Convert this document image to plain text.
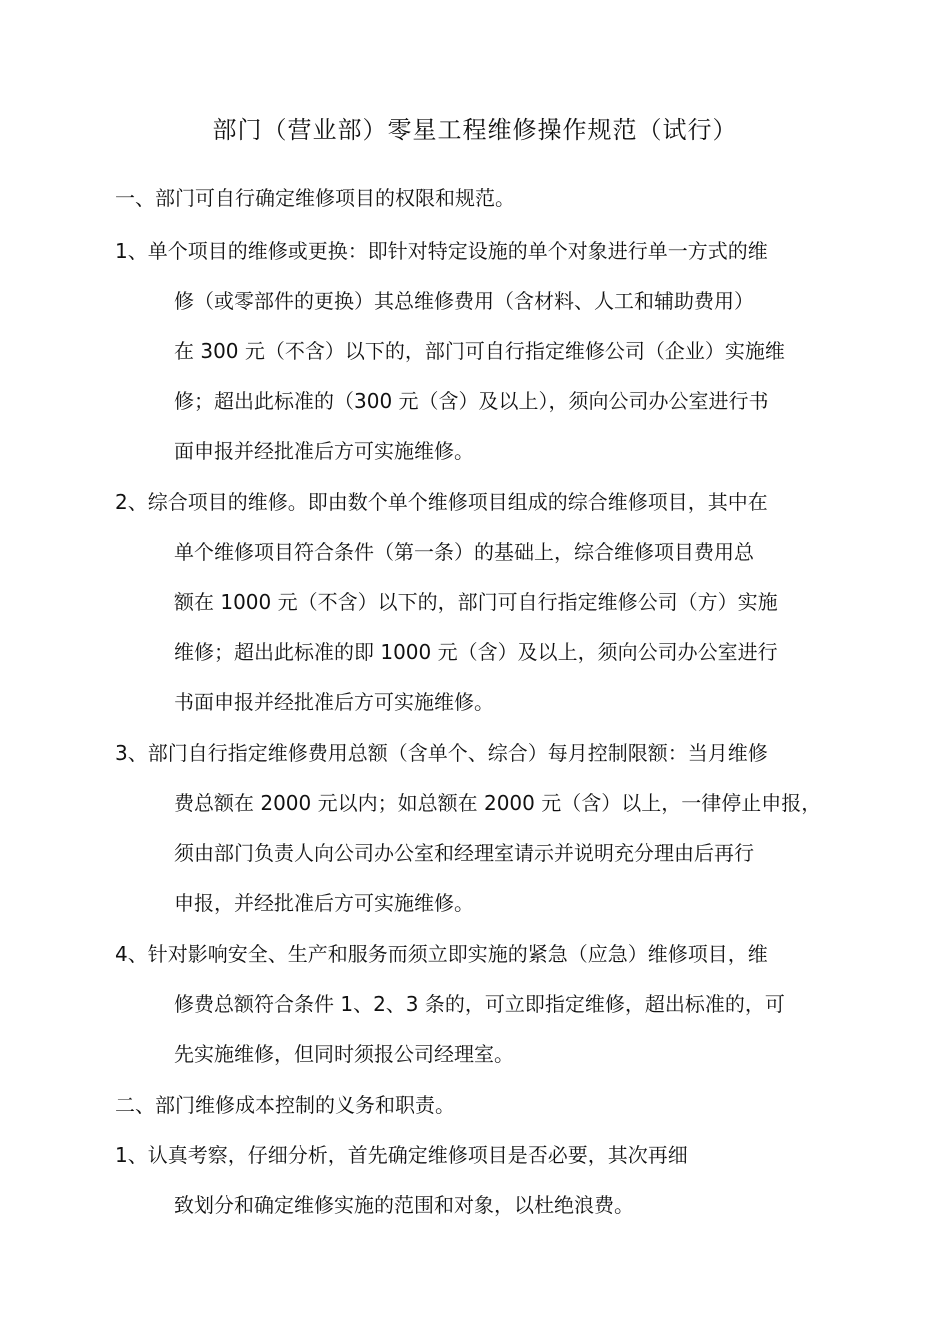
部门（营业部）零星工程维修操作规范（试行）
一、部门可自行确定维修项目的权限和规范。
1、单个项目的维修或更换：即针对特定设施的单个对象进行单一方式的维
修（或零部件的更换）其总维修费用（含材料、人工和辅助费用）
在 300 元（不含）以下的，部门可自行指定维修公司（企业）实施维
修；超出此标准的（300 元（含）及以上），须向公司办公室进行书
面申报并经批准后方可实施维修。
2、综合项目的维修。即由数个单个维修项目组成的综合维修项目，其中在
单个维修项目符合条件（第一条）的基础上，综合维修项目费用总
额在 1000 元（不含）以下的，部门可自行指定维修公司（方）实施
维修；超出此标准的即 1000 元（含）及以上，须向公司办公室进行
书面申报并经批准后方可实施维修。
3、部门自行指定维修费用总额（含单个、综合）每月控制限额：当月维修
费总额在 2000 元以内；如总额在 2000 元（含）以上，一律停止申报，
须由部门负责人向公司办公室和经理室请示并说明充分理由后再行
申报，并经批准后方可实施维修。
4、针对影响安全、生产和服务而须立即实施的紧急（应急）维修项目，维
修费总额符合条件 1、2、3 条的，可立即指定维修，超出标准的，可
先实施维修，但同时须报公司经理室。
二、部门维修成本控制的义务和职责。
1、认真考察，仔细分析，首先确定维修项目是否必要，其次再细
致划分和确定维修实施的范围和对象，以杜绝浪费。
